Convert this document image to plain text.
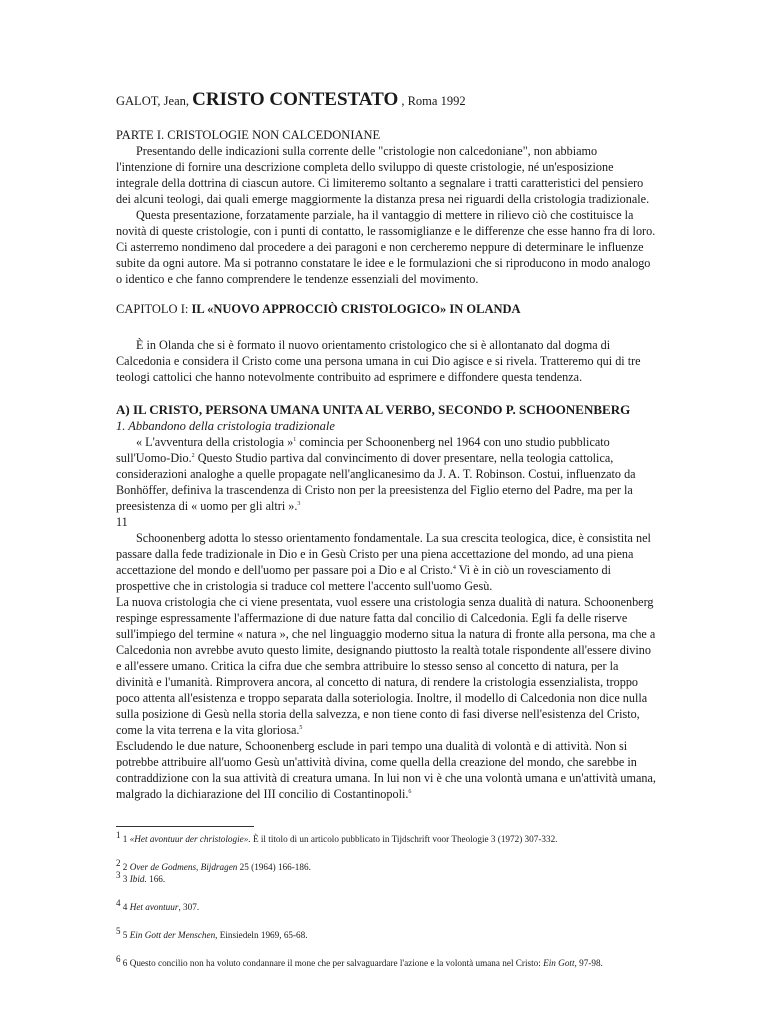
GALOT, Jean, CRISTO CONTESTATO , Roma 1992
PARTE I. CRISTOLOGIE NON CALCEDONIANE

Presentando delle indicazioni sulla corrente delle "cristologie non calcedoniane", non abbiamo l'intenzione di fornire una descrizione completa dello sviluppo di queste cristologie, né un'esposizione integrale della dottrina di ciascun autore. Ci limiteremo soltanto a segnalare i tratti caratteristici del pensiero dei alcuni teologi, dai quali emerge maggiormente la distanza presa nei riguardi della cristologia tradizionale.

Questa presentazione, forzatamente parziale, ha il vantaggio di mettere in rilievo ciò che costituisce la novità di queste cristologie, con i punti di contatto, le rassomiglianze e le differenze che esse hanno fra di loro. Ci asterremo nondimeno dal procedere a dei paragoni e non cercheremo neppure di determinare le influenze subite da ogni autore. Ma si potranno constatare le idee e le formulazioni che si riproducono in modo analogo o identico e che fanno comprendere le tendenze essenziali del movimento.

CAPITOLO I: IL «NUOVO APPROCCIÒ CRISTOLOGICO» IN OLANDA

È in Olanda che si è formato il nuovo orientamento cristologico che si è allontanato dal dogma di Calcedonia e considera il Cristo come una persona umana in cui Dio agisce e si rivela. Tratteremo qui di tre teologi cattolici che hanno notevolmente contribuito ad esprimere e diffondere questa tendenza.

A) IL CRISTO, PERSONA UMANA UNITA AL VERBO, SECONDO P. SCHOONENBERG
1. Abbandono della cristologia tradizionale

« L'avventura della cristologia »$^1$ comincia per Schoonenberg nel 1964 con uno studio pubblicato sull'Uomo-Dio.$^2$ Questo Studio partiva dal convincimento di dover presentare, nella teologia cattolica, considerazioni analoghe a quelle propagate nell'anglicanesimo da J. A. T. Robinson. Costui, influenzato da Bonhöffer, definiva la trascendenza di Cristo non per la preesistenza del Figlio eterno del Padre, ma per la preesistenza di « uomo per gli altri ».$^3$

11

Schoonenberg adotta lo stesso orientamento fondamentale. La sua crescita teologica, dice, è consistita nel passare dalla fede tradizionale in Dio e in Gesù Cristo per una piena accettazione del mondo, ad una piena accettazione del mondo e dell'uomo per passare poi a Dio e al Cristo.$^4$ Vi è in ciò un rovesciamento di prospettive che in cristologia si traduce col mettere l'accento sull'uomo Gesù.

La nuova cristologia che ci viene presentata, vuol essere una cristologia senza dualità di natura. Schoonenberg respinge espressamente l'affermazione di due nature fatta dal concilio di Calcedonia. Egli fa delle riserve sull'impiego del termine « natura », che nel linguaggio moderno situa la natura di fronte alla persona, ma che a Calcedonia non avrebbe avuto questo limite, designando piuttosto la realtà totale rispondente all'essere divino e all'essere umano. Critica la cifra due che sembra attribuire lo stesso senso al concetto di natura, per la divinità e l'umanità. Rimprovera ancora, al concetto di natura, di rendere la cristologia essenzialista, troppo poco attenta all'esistenza e troppo separata dalla soteriologia. Inoltre, il modello di Calcedonia non dice nulla sulla posizione di Gesù nella storia della salvezza, e non tiene conto di fasi diverse nell'esistenza del Cristo, come la vita terrena e la vita gloriosa.$^5$

Escludendo le due nature, Schoonenberg esclude in pari tempo una dualità di volontà e di attività. Non si potrebbe attribuire all'uomo Gesù un'attività divina, come quella della creazione del mondo, che sarebbe in contraddizione con la sua attività di creatura umana. In lui non vi è che una volontà umana e un'attività umana, malgrado la dichiarazione del III concilio di Costantinopoli.$^6$

1 1 «Het avontuur der christologie». È il titolo di un articolo pubblicato in Tijdschrift voor Theologie 3 (1972) 307-332.

2 2 Over de Godmens, Bijdragen 25 (1964) 166-186.

3 3 Ibid. 166.

4 4 Het avontuur, 307.

5 5 Ein Gott der Menschen, Einsiedeln 1969, 65-68.

6 6 Questo concilio non ha voluto condannare il mone che per salvaguardare l'azione e la volontà umana nel Cristo: Ein Gott, 97-98.
